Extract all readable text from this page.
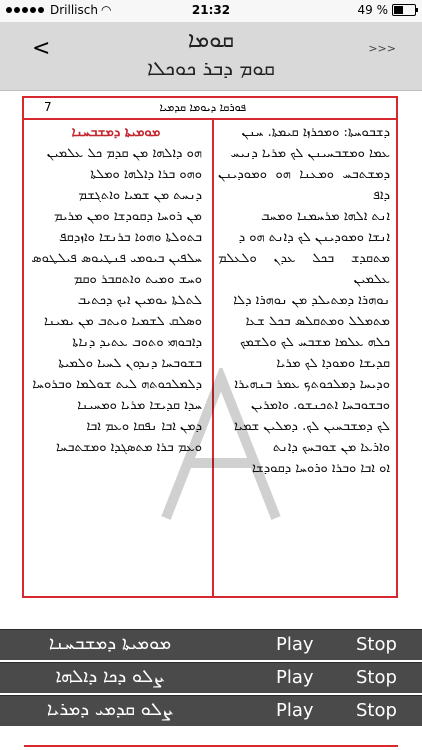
Drillisch ◠	21:32	49 %
<	ܩܘܡܐ
ܩܘܡ ܕܒܪ ܟܘܟܠܐ
>>>
7	ܦܘܪܩܐ ܕܝܘܡܐ ܩܕܡܝܐ

ܕܫܒܘܚܬܐ: ܘܡܟܪܙܐ ܩܝܡܬܐ. ܚܢܢ

ܥܡܐ ܘܡܫܒܚܝܢܢ ܠܟ ܡܪܝܐ ܕܢܝܚ

ܕܡܫܬܒܚ ܘܡܥܢܐ ܗܘ ܘܡܘܕܝܢܢ ܕܐܦ

ܐܢܬ ܐܠܗܐ ܡܪܚܡܢܐ ܘܡܚܒ

ܐܢܫܐ ܘܡܘܕܝܢܢ ܠܟ ܕܐܢܬ ܗܘ ܕ

ܡܬܩܕܫ ܒܟܠ ܥܕܢ ܘܠܥܠܡ ܥܠܡܝܢ

ܢܘܗܪܐ ܕܡܬܝܠܕ ܡܢ ܢܘܗܪܐ ܕܠܐ

ܡܬܡܠܠ ܘܡܬܩܠܣ ܒܟܠ ܫܥܐ

ܟܠܗ ܥܠܡܐ ܡܫܒܚ ܠܟ ܘܠܫܡܟ

ܩܕܝܫܐ ܘܡܘܕܐ ܠܟ ܡܪܝܐ

ܘܕܝܚܐ ܕܡܠܟܘܬܟ ܥܡܪ ܒܢܗܝܪܐ

ܘܒܫܘܒܚܐ ܐܬܟܢܫܘ. ܘܐܡܪܝܢ

ܠܟ ܕܡܫܒܚܝܢ ܠܟ. ܕܡܠܝܢ ܫܡܝܐ

ܘܐܪܥܐ ܡܢ ܫܘܒܚܟ ܕܐܢܬ

ܐܘ ܐܒܐ ܘܒܪܐ ܘܪܘܚܐ ܕܩܘܕܫܐ

ܡܘܡܝܬܐ ܕܡܫܒܚܢܐ

ܗܘ ܕܐܠܗܐ ܡܢ ܩܕܡ ܟܠ ܥܠܡܝܢ

ܘܗܘ ܒܪܐ ܕܐܠܗܐ ܘܡܠܬܐ

ܕܢܚܬ ܡܢ ܫܡܝܐ ܘܐܬܓܫܡ

ܡܢ ܪܘܚܐ ܕܩܘܕܫܐ ܘܡܢ ܡܪܝܡ

ܒܬܘܠܬܐ ܘܗܘܐ ܒܪܢܫܐ ܘܐܙܕܩܦ

ܚܠܦܝܢ ܒܝܘܡܝ ܦܢܛܝܘܣ ܦܝܠܛܘܣ

ܘܚܫ ܘܡܝܬ ܘܐܬܩܒܪ ܘܩܡ

ܠܬܠܬܐ ܝܘܡܝܢ ܐܝܟ ܕܟܬܝܒ

ܘܣܠܩ ܠܫܡܝܐ ܘܝܬܒ ܡܢ ܝܡܝܢܐ

ܕܐܒܘܗܝ ܘܬܘܒ ܥܬܝܕ ܕܢܐܬܐ

ܒܫܘܒܚܐ ܕܢܕܘܢ ܠܚܝܐ ܘܠܡܝܬܐ

ܕܠܡܠܟܘܬܗ ܠܝܬ ܫܘܠܡܐ ܘܒܪܘܚܐ

ܚܕܐ ܩܕܝܫܐ ܡܪܝܐ ܘܡܚܝܢܐ

ܕܡܢ ܐܒܐ ܢܦܩܐ ܘܥܡ ܐܒܐ

ܘܥܡ ܒܪܐ ܡܬܣܓܕܐ ܘܡܫܬܒܚܐ

ܡܘܡܝܬܐ ܕܡܫܒܚܢܐ	Play Stop
ܨܠܘ ܕܟܐ ܕܐܠܗܐ	Play Stop
ܨܠܘ ܩܕܡܝ ܕܡܪܝܐ	Play Stop
